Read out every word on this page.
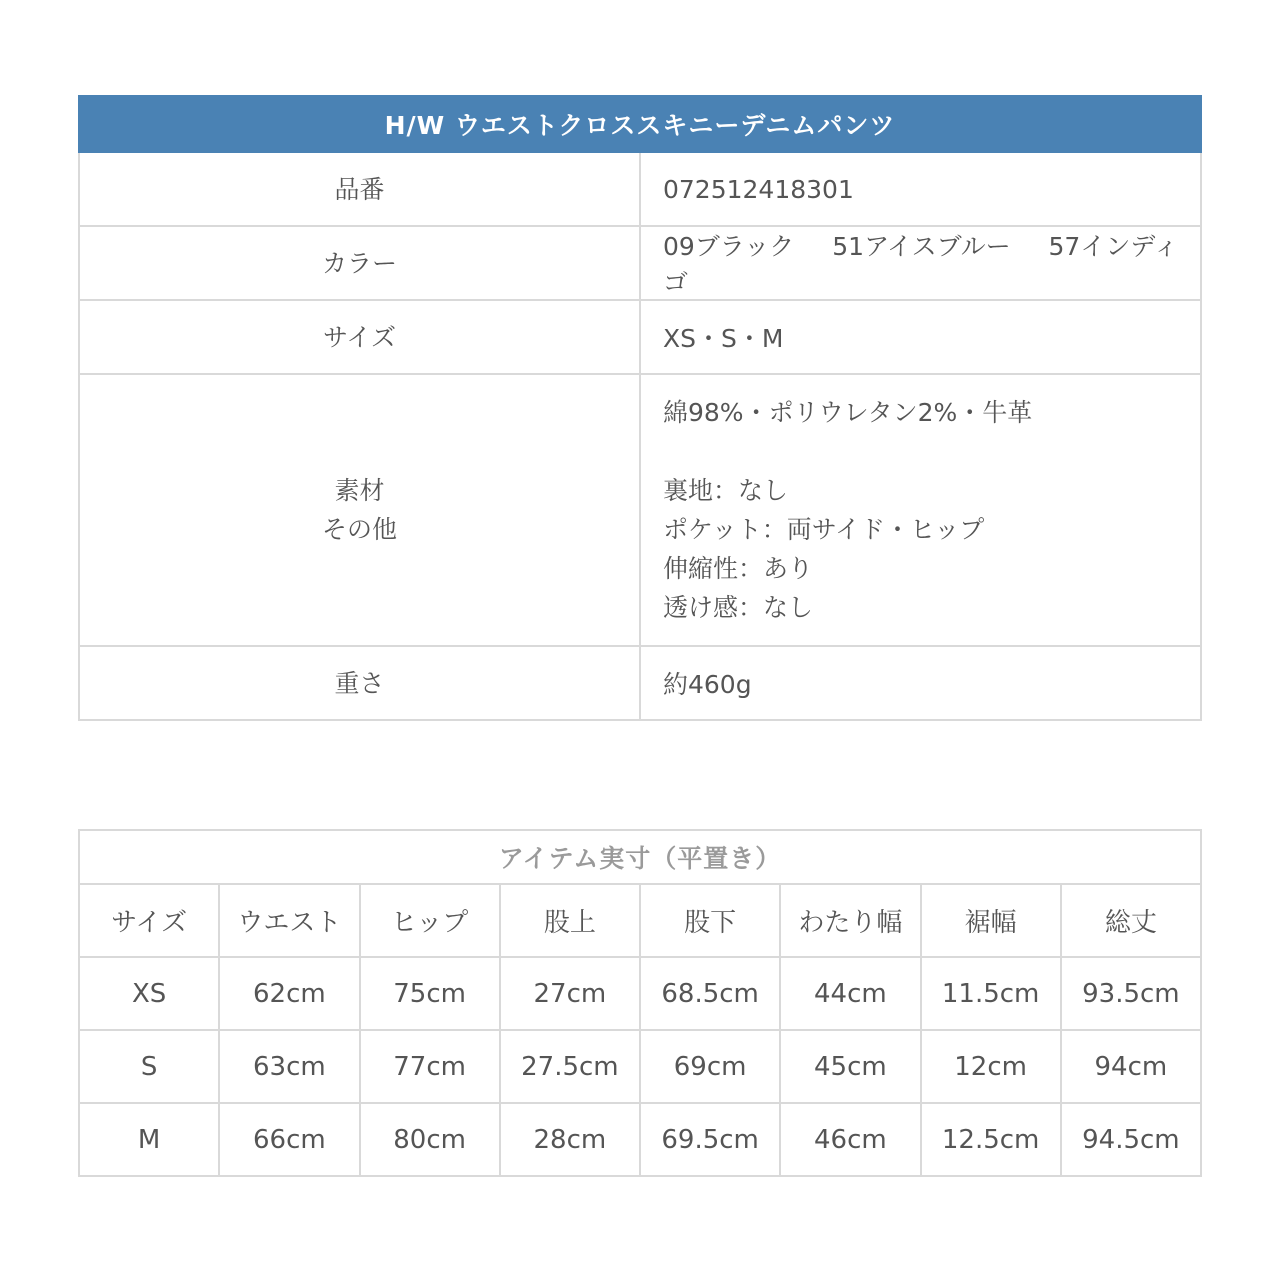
H/W ウエストクロススキニーデニムパンツ	
品番	072512418301
カラー	09ブラック 51アイスブルー 57インディゴ
サイズ	XS・S・M

素材
その他	綿98%・ポリウレタン2%・牛革
裏地：なし
ポケット：両サイド・ヒップ
伸縮性：あり
透け感：なし

重さ	約460g
アイテム実寸（平置き）							
サイズ	ウエスト	ヒップ	股上	股下	わたり幅	裾幅	総丈
XS	62cm	75cm	27cm	68.5cm	44cm	11.5cm	93.5cm
S	63cm	77cm	27.5cm	69cm	45cm	12cm	94cm
M	66cm	80cm	28cm	69.5cm	46cm	12.5cm	94.5cm
